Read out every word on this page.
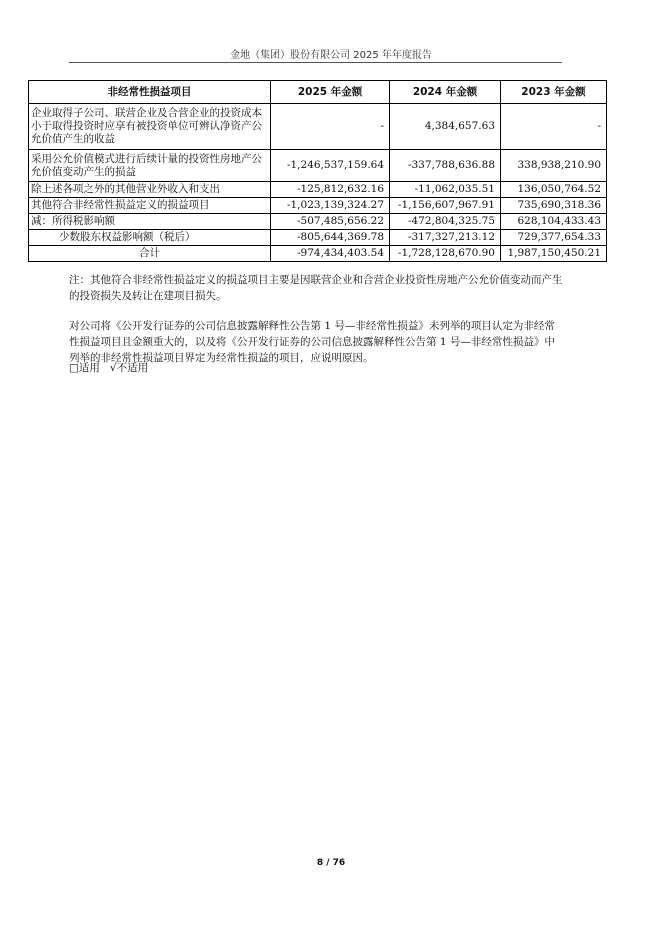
金地（集团）股份有限公司 2025 年年度报告
非经常性损益项目	2025 年金额	2024 年金额	2023 年金额
企业取得子公司、联营企业及合营企业的投资成本小于取得投资时应享有被投资单位可辨认净资产公允价值产生的收益	-	4,384,657.63	-
采用公允价值模式进行后续计量的投资性房地产公允价值变动产生的损益	-1,246,537,159.64	-337,788,636.88	338,938,210.90
除上述各项之外的其他营业外收入和支出	-125,812,632.16	-11,062,035.51	136,050,764.52
其他符合非经常性损益定义的损益项目	-1,023,139,324.27	-1,156,607,967.91	735,690,318.36
减：所得税影响额	-507,485,656.22	-472,804,325.75	628,104,433.43
少数股东权益影响额（税后）	-805,644,369.78	-317,327,213.12	729,377,654.33
合计	-974,434,403.54	-1,728,128,670.90	1,987,150,450.21
注：其他符合非经常性损益定义的损益项目主要是因联营企业和合营企业投资性房地产公允价值变动而产生的投资损失及转让在建项目损失。
对公司将《公开发行证券的公司信息披露解释性公告第 1 号—非经常性损益》未列举的项目认定为非经常性损益项目且金额重大的，以及将《公开发行证券的公司信息披露解释性公告第 1 号—非经常性损益》中列举的非经常性损益项目界定为经常性损益的项目，应说明原因。
□适用 √不适用
8 / 76
